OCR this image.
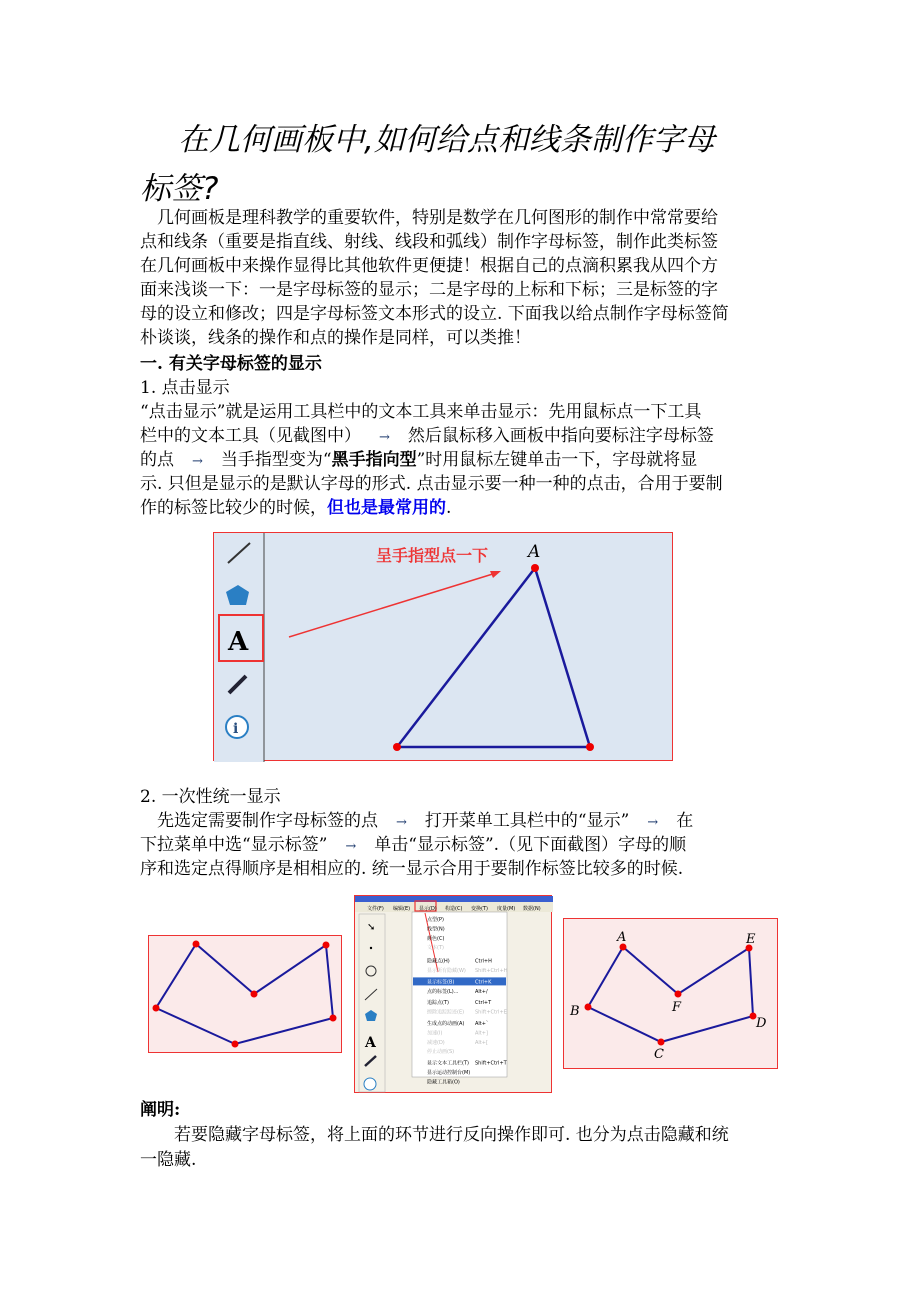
在几何画板中,如何给点和线条制作字母
标签?
　几何画板是理科教学的重要软件，特别是数学在几何图形的制作中常常要给
点和线条（重要是指直线、射线、线段和弧线）制作字母标签，制作此类标签
在几何画板中来操作显得比其他软件更便捷！根据自己的点滴积累我从四个方
面来浅谈一下：一是字母标签的显示；二是字母的上标和下标；三是标签的字
母的设立和修改；四是字母标签文本形式的设立. 下面我以给点制作字母标签简
朴谈谈，线条的操作和点的操作是同样，可以类推！
一. 有关字母标签的显示
1. 点击显示
“点击显示”就是运用工具栏中的文本工具来单击显示：先用鼠标点一下工具
栏中的文本工具（见截图中） → 然后鼠标移入画板中指向要标注字母标签
的点 → 当手指型变为“黑手指向型”时用鼠标左键单击一下，字母就将显
示. 只但是显示的是默认字母的形式. 点击显示要一种一种的点击，合用于要制
作的标签比较少的时候，但也是最常用的.
A
i
A
呈手指型点一下
2. 一次性统一显示
　先选定需要制作字母标签的点 → 打开菜单工具栏中的“显示” → 在
下拉菜单中选“显示标签” → 单击“显示标签”.（见下面截图）字母的顺
序和选定点得顺序是相相应的. 统一显示合用于要制作标签比较多的时候.
➘
A
文件(F) 编辑(E) 显示(D) 构造(C) 变换(T) 度量(M) 数据(N)
点型(P)
线型(N)
颜色(C)
文本(T)
隐藏点(H)	Ctrl+H
显示所有隐藏(W) Shift+Ctrl+H
显示标签(B)	Ctrl+K
点的标签(L)...	Alt+/
追踪点(T)	Ctrl+T
擦除追踪踪迹(E) Shift+Ctrl+E
生成点的动画(A) Alt+`
加速(I)	Alt+]
减速(D)	Alt+[
停止动画(S)
显示文本工具栏(T) Shift+Ctrl+T
显示运动控制台(M)
隐藏工具箱(O)
A	E
F
B
D
C
阐明:
　　若要隐藏字母标签，将上面的环节进行反向操作即可. 也分为点击隐藏和统
一隐藏.
